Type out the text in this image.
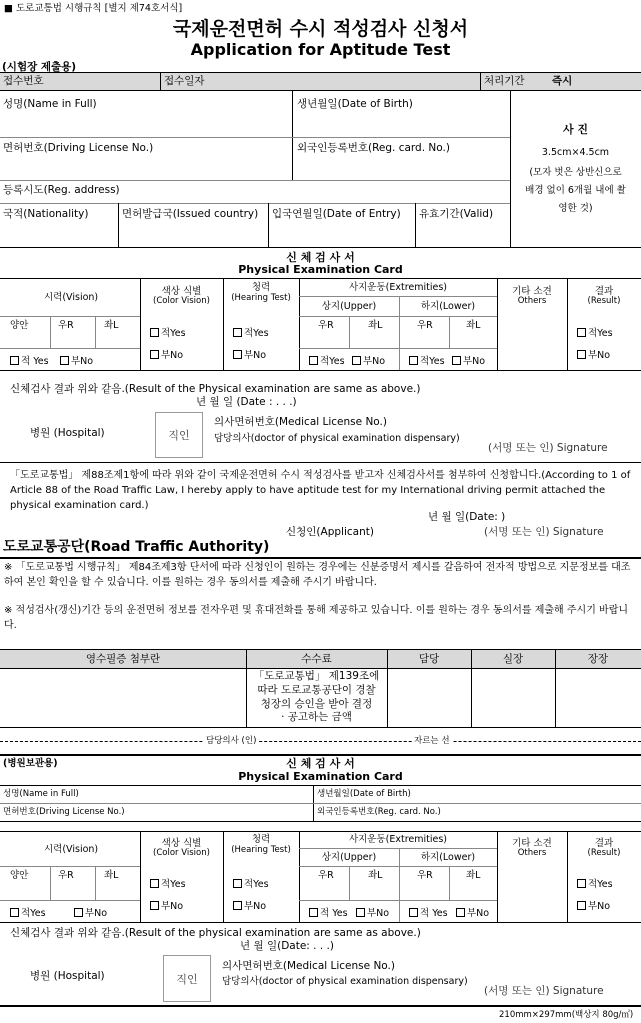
■ 도로교통법 시행규칙 [별지 제74호서식]
국제운전면허 수시 적성검사 신청서
Application for Aptitude Test
(시험장 제출용)
접수번호	접수일자	처리기간	즉시
성명(Name in Full)	생년월일(Date of Birth)
면허번호(Driving License No.)	외국인등록번호(Reg. card. No.)
등록시도(Reg. address)
국적(Nationality)	면허발급국(Issued country) 입국연월일(Date of Entry) 유효기간(Valid)
사 진
3.5cm×4.5cm
(모자 벗은 상반신으로
배경 없이 6개월 내에 촬
영한 것)
신 체 검 사 서
Physical Examination Card
시력(Vision)
색상 식별
(Color Vision)
청력
(Hearing Test)
사지운동(Extremities)
상지(Upper)	하지(Lower)
기타 소견
Others
결과
(Result)
양안	우R	좌L	우R	좌L	우R	좌L
적Yes
부No
적Yes
부No
적Yes
부No
적 Yes	부No	적Yes	부No	적Yes	부No
신체검사 결과 위와 같음.(Result of the Physical examination are same as above.)
년 월 일 (Date : . . .)
병원 (Hospital)	직인
의사면허번호(Medical License No.)
담당의사(doctor of physical examination dispensary)
(서명 또는 인) Signature
「도로교통법」 제88조제1항에 따라 위와 같이 국제운전면허 수시 적성검사를 받고자 신체검사서를 첨부하여 신청합니다.(According to 1 of Article 88 of the Road Traffic Law, I hereby apply to have aptitude test for my International driving permit attached the physical examination card.)
년 월 일(Date: )
신청인(Applicant)	(서명 또는 인) Signature
도로교통공단(Road Traffic Authority)
※ 「도로교통법 시행규칙」 제84조제3항 단서에 따라 신청인이 원하는 경우에는 신분증명서 제시를 갈음하여 전자적 방법으로 지문정보를 대조하여 본인 확인을 할 수 있습니다. 이를 원하는 경우 동의서를 제출해 주시기 바랍니다.
※ 적성검사(갱신)기간 등의 운전면허 정보를 전자우편 및 휴대전화를 통해 제공하고 있습니다. 이를 원하는 경우 동의서를 제출해 주시기 바랍니다.
영수필증 첨부란	수수료	담당	실장	장장
「도로교통법」 제139조에
따라 도로교통공단이 경찰
청장의 승인을 받아 결정
· 공고하는 금액
담당의사 (인)	자르는 선
(병원보관용)	신 체 검 사 서
Physical Examination Card
성명(Name in Full)	생년월일(Date of Birth)
면허번호(Driving License No.)	외국인등록번호(Reg. card. No.)
시력(Vision)
색상 식별
(Color Vision)
청력
(Hearing Test)
사지운동(Extremities)
상지(Upper)	하지(Lower)
기타 소견
Others
결과
(Result)
양안	우R	좌L	우R	좌L	우R	좌L
적Yes
부No
적Yes
부No
적Yes
부No
적Yes	부No	적 Yes	부No	적 Yes	부No
신체검사 결과 위와 같음.(Result of the physical examination are same as above.)
년 월 일(Date: . . .)
병원 (Hospital)	직인
의사면허번호(Medical License No.)
담당의사(doctor of physical examination dispensary)
(서명 또는 인) Signature
210mm×297mm(백상지 80g/㎡)
